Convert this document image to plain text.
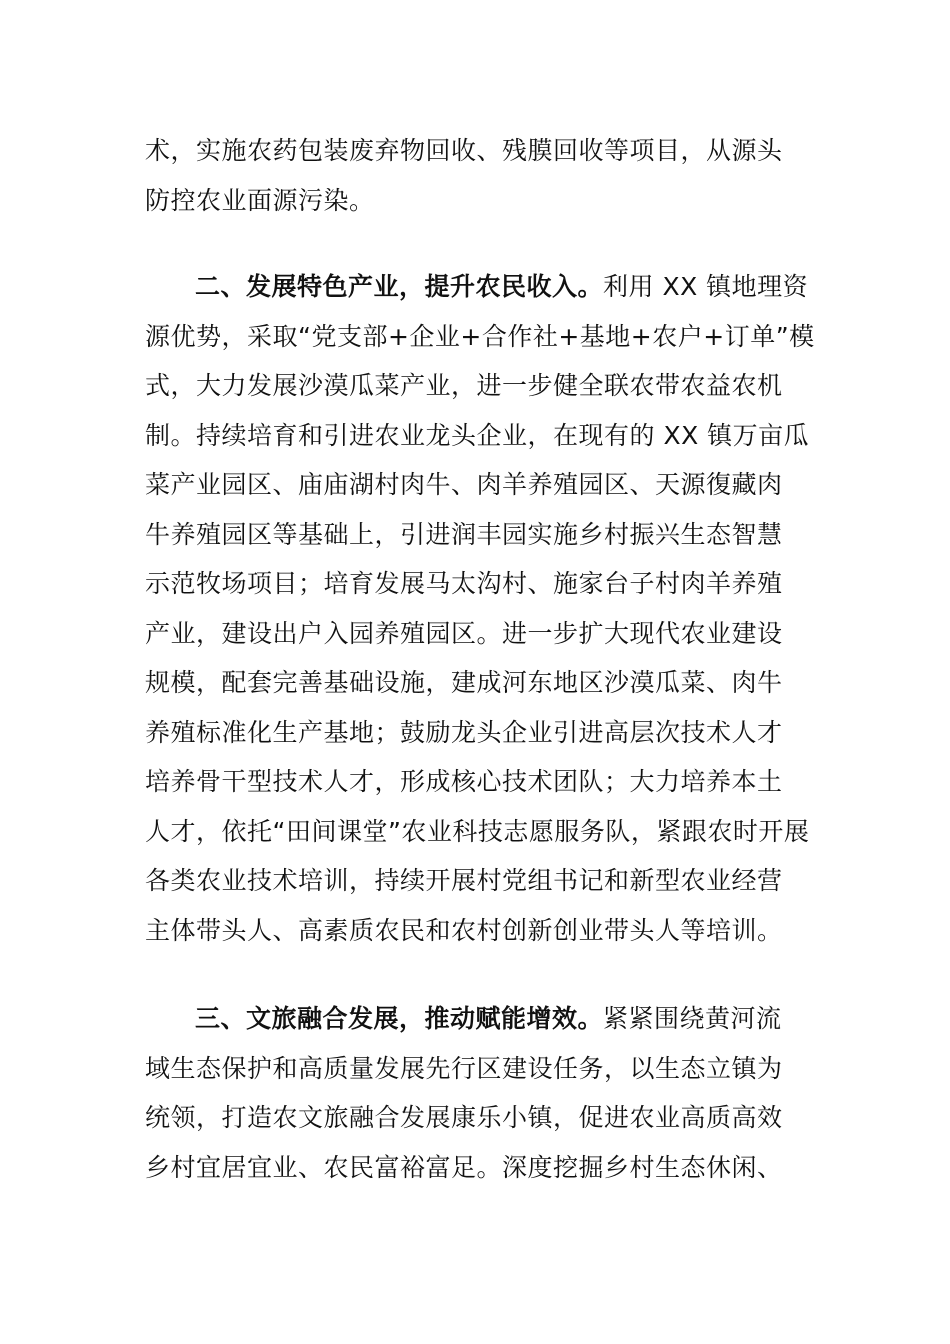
术，实施农药包装废弃物回收、残膜回收等项目，从源头
防控农业面源污染。
二、发展特色产业，提升农民收入。利用 XX 镇地理资
源优势，采取“党支部+企业+合作社+基地+农户+订单”模
式，大力发展沙漠瓜菜产业，进一步健全联农带农益农机
制。持续培育和引进农业龙头企业，在现有的 XX 镇万亩瓜
菜产业园区、庙庙湖村肉牛、肉羊养殖园区、天源復藏肉
牛养殖园区等基础上，引进润丰园实施乡村振兴生态智慧
示范牧场项目；培育发展马太沟村、施家台子村肉羊养殖
产业，建设出户入园养殖园区。进一步扩大现代农业建设
规模，配套完善基础设施，建成河东地区沙漠瓜菜、肉牛
养殖标准化生产基地；鼓励龙头企业引进高层次技术人才
培养骨干型技术人才，形成核心技术团队；大力培养本土
人才，依托“田间课堂”农业科技志愿服务队，紧跟农时开展
各类农业技术培训，持续开展村党组书记和新型农业经营
主体带头人、高素质农民和农村创新创业带头人等培训。
三、文旅融合发展，推动赋能增效。紧紧围绕黄河流
域生态保护和高质量发展先行区建设任务，以生态立镇为
统领，打造农文旅融合发展康乐小镇，促进农业高质高效
乡村宜居宜业、农民富裕富足。深度挖掘乡村生态休闲、
